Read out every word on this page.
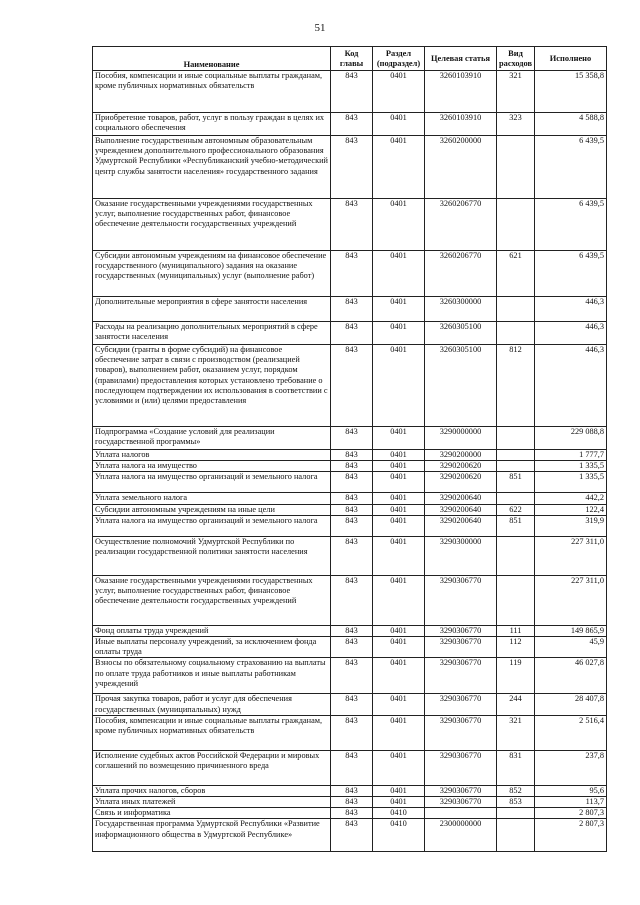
51
Наименование	Код главы	Раздел (подраздел)	Целевая статья	Вид расходов	Исполнено
Пособия, компенсации и иные социальные выплаты гражданам, кроме публичных нормативных обязательств	843	0401	3260103910	321	15 358,8
Приобретение товаров, работ, услуг в пользу граждан в целях их социального обеспечения	843	0401	3260103910	323	4 588,8
Выполнение государственным автономным образовательным учреждением дополнительного профессионального образования Удмуртской Республики «Республиканский учебно-методический центр службы занятости населения» государственного задания	843	0401	3260200000		6 439,5
Оказание государственными учреждениями государственных услуг, выполнение государственных работ, финансовое обеспечение деятельности государственных учреждений	843	0401	3260206770		6 439,5
Субсидии автономным учреждениям на финансовое обеспечение государственного (муниципального) задания на оказание государственных (муниципальных) услуг (выполнение работ)	843	0401	3260206770	621	6 439,5
Дополнительные мероприятия в сфере занятости населения	843	0401	3260300000		446,3
Расходы на реализацию дополнительных мероприятий в сфере занятости населения	843	0401	3260305100		446,3
Субсидии (гранты в форме субсидий) на финансовое обеспечение затрат в связи с производством (реализацией товаров), выполнением работ, оказанием услуг, порядком (правилами) предоставления которых установлено требование о последующем подтверждении их использования в соответствии с условиями и (или) целями предоставления	843	0401	3260305100	812	446,3
Подпрограмма «Создание условий для реализации государственной программы»	843	0401	3290000000		229 088,8
Уплата налогов	843	0401	3290200000		1 777,7
Уплата налога на имущество	843	0401	3290200620		1 335,5
Уплата налога на имущество организаций и земельного налога	843	0401	3290200620	851	1 335,5
Уплата земельного налога	843	0401	3290200640		442,2
Субсидии автономным учреждениям на иные цели	843	0401	3290200640	622	122,4
Уплата налога на имущество организаций и земельного налога	843	0401	3290200640	851	319,9
Осуществление полномочий Удмуртской Республики по реализации государственной политики занятости населения	843	0401	3290300000		227 311,0
Оказание государственными учреждениями государственных услуг, выполнение государственных работ, финансовое обеспечение деятельности государственных учреждений	843	0401	3290306770		227 311,0
Фонд оплаты труда учреждений	843	0401	3290306770	111	149 865,9
Иные выплаты персоналу учреждений, за исключением фонда оплаты труда	843	0401	3290306770	112	45,9
Взносы по обязательному социальному страхованию на выплаты по оплате труда работников и иные выплаты работникам учреждений	843	0401	3290306770	119	46 027,8
Прочая закупка товаров, работ и услуг для обеспечения государственных (муниципальных) нужд	843	0401	3290306770	244	28 407,8
Пособия, компенсации и иные социальные выплаты гражданам, кроме публичных нормативных обязательств	843	0401	3290306770	321	2 516,4
Исполнение судебных актов Российской Федерации и мировых соглашений по возмещению причиненного вреда	843	0401	3290306770	831	237,8
Уплата прочих налогов, сборов	843	0401	3290306770	852	95,6
Уплата иных платежей	843	0401	3290306770	853	113,7
Связь и информатика	843	0410			2 807,3
Государственная программа Удмуртской Республики «Развитие информационного общества в Удмуртской Республике»	843	0410	2300000000		2 807,3
